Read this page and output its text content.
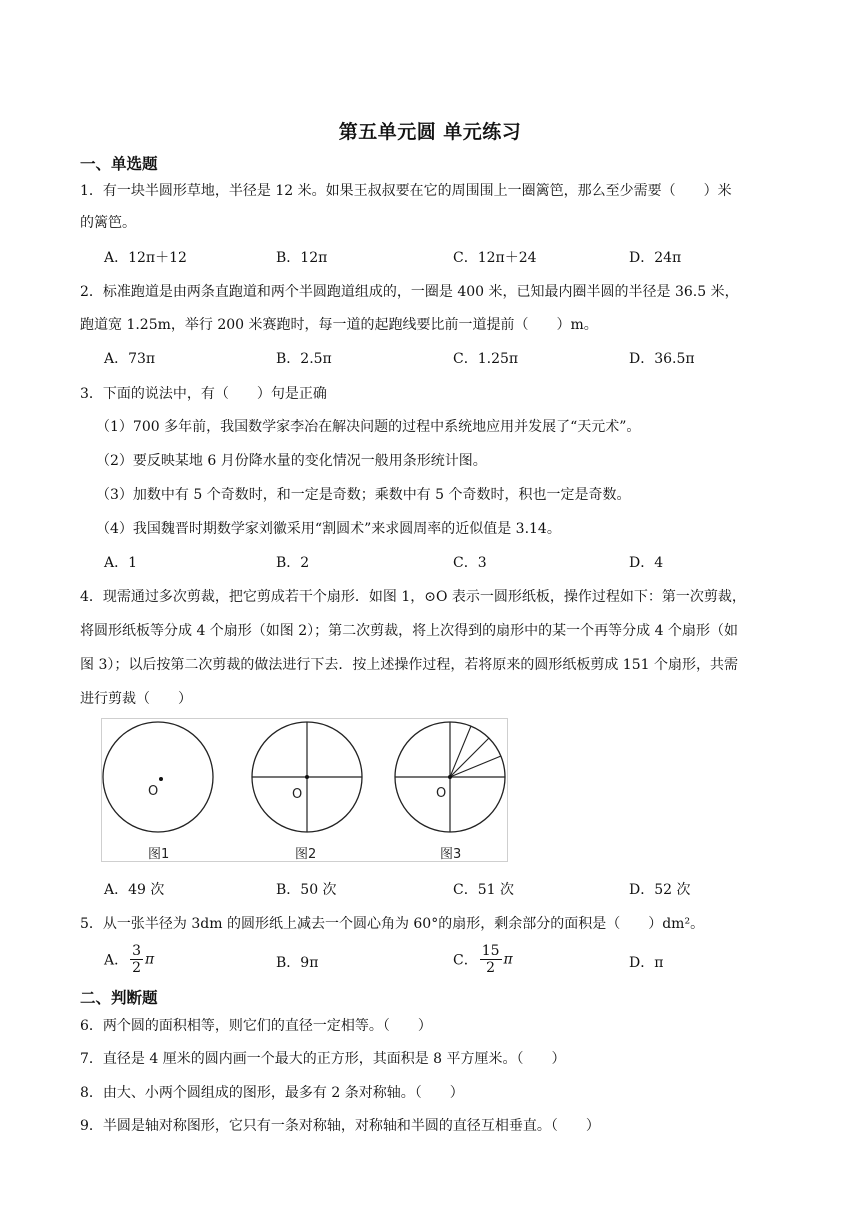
第五单元圆 单元练习
一、单选题
1．有一块半圆形草地，半径是 12 米。如果王叔叔要在它的周围围上一圈篱笆，那么至少需要（　　）米
的篱笆。
A．12π＋12	B．12π	C．12π＋24	D．24π
2．标准跑道是由两条直跑道和两个半圆跑道组成的，一圈是 400 米，已知最内圈半圆的半径是 36.5 米，
跑道宽 1.25m，举行 200 米赛跑时，每一道的起跑线要比前一道提前（　　）m。
A．73π	B．2.5π	C．1.25π	D．36.5π
3．下面的说法中，有（　　）句是正确
（1）700 多年前，我国数学家李冶在解决问题的过程中系统地应用并发展了“天元术”。
（2）要反映某地 6 月份降水量的变化情况一般用条形统计图。
（3）加数中有 5 个奇数时，和一定是奇数；乘数中有 5 个奇数时，积也一定是奇数。
（4）我国魏晋时期数学家刘徽采用“割圆术”来求圆周率的近似值是 3.14。
A．1	B．2	C．3	D．4
4．现需通过多次剪裁，把它剪成若干个扇形．如图 1，⊙O 表示一圆形纸板，操作过程如下：第一次剪裁，
将圆形纸板等分成 4 个扇形（如图 2）；第二次剪裁，将上次得到的扇形中的某一个再等分成 4 个扇形（如
图 3）；以后按第二次剪裁的做法进行下去．按上述操作过程，若将原来的圆形纸板剪成 151 个扇形，共需
进行剪裁（　　）
O
图1
O
图2
O
图3
A．49 次	B．50 次	C．51 次	D．52 次
5．从一张半径为 3dm 的圆形纸上减去一个圆心角为 60°的扇形，剩余部分的面积是（　　）dm²。
A． $\frac{3}{2}$ π	B．9π	C． $\frac{15}{2}$ π	D．π
二、判断题
6．两个圆的面积相等，则它们的直径一定相等。（　　）
7．直径是 4 厘米的圆内画一个最大的正方形，其面积是 8 平方厘米。（　　）
8．由大、小两个圆组成的图形，最多有 2 条对称轴。（　　）
9．半圆是轴对称图形，它只有一条对称轴，对称轴和半圆的直径互相垂直。（　　）
